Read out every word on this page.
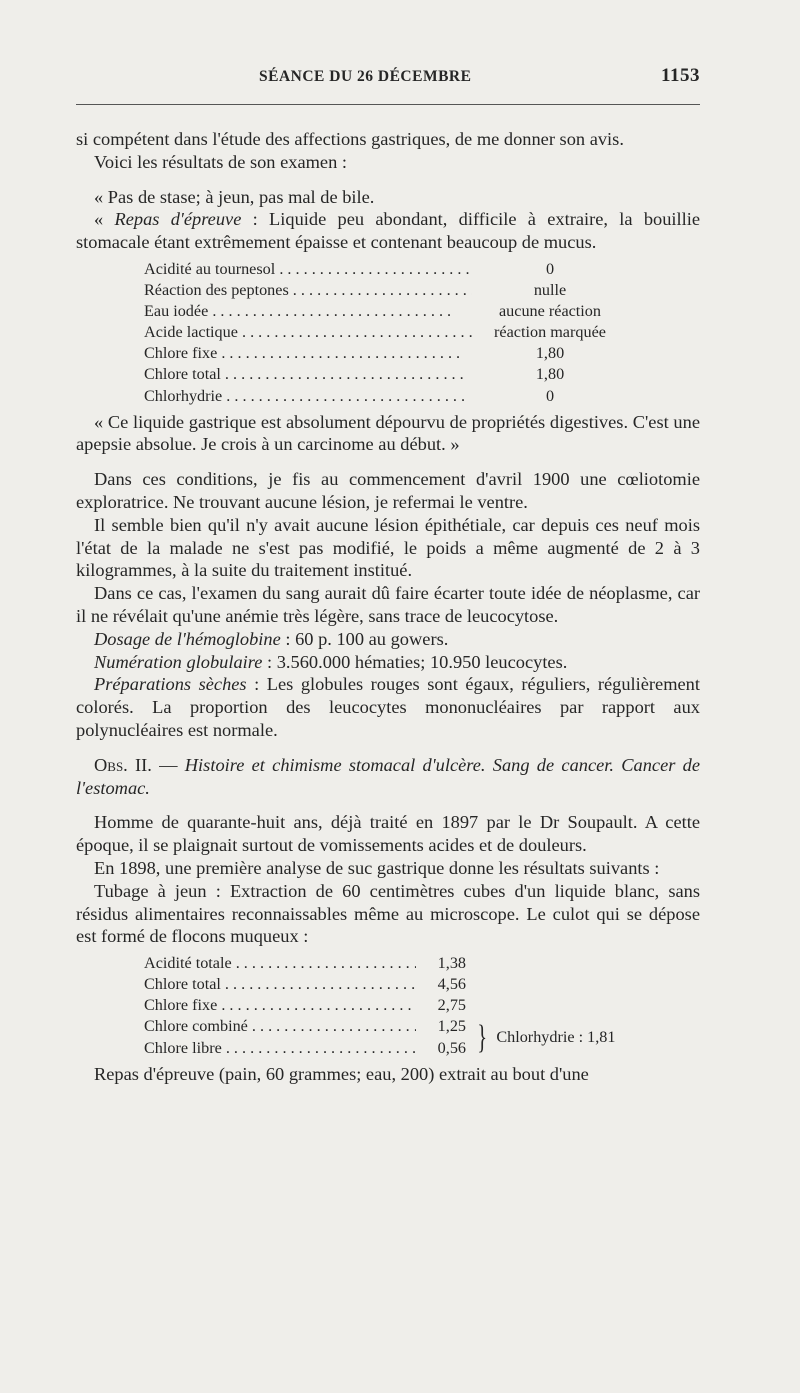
SÉANCE DU 26 DÉCEMBRE	1153

si compétent dans l'étude des affections gastriques, de me donner son avis.

Voici les résultats de son examen :

« Pas de stase; à jeun, pas mal de bile.

« Repas d'épreuve : Liquide peu abondant, difficile à extraire, la bouillie stomacale étant extrêmement épaisse et contenant beaucoup de mucus.

Acidité au tournesol . . .	0
Réaction des peptones . . .	nulle
Eau iodée . . .	aucune réaction
Acide lactique . . .	réaction marquée
Chlore fixe . . .	1,80
Chlore total . . .	1,80
Chlorhydrie . . .	0

« Ce liquide gastrique est absolument dépourvu de propriétés digestives. C'est une apepsie absolue. Je crois à un carcinome au début. »

Dans ces conditions, je fis au commencement d'avril 1900 une cœliotomie exploratrice. Ne trouvant aucune lésion, je refermai le ventre.

Il semble bien qu'il n'y avait aucune lésion épithétiale, car depuis ces neuf mois l'état de la malade ne s'est pas modifié, le poids a même augmenté de 2 à 3 kilogrammes, à la suite du traitement institué.

Dans ce cas, l'examen du sang aurait dû faire écarter toute idée de néoplasme, car il ne révélait qu'une anémie très légère, sans trace de leucocytose.

Dosage de l'hémoglobine : 60 p. 100 au gowers.

Numération globulaire : 3.560.000 hématies; 10.950 leucocytes.

Préparations sèches : Les globules rouges sont égaux, réguliers, régulièrement colorés. La proportion des leucocytes mononucléaires par rapport aux polynucléaires est normale.

Obs. II. — Histoire et chimisme stomacal d'ulcère. Sang de cancer. Cancer de l'estomac.

Homme de quarante-huit ans, déjà traité en 1897 par le Dr Soupault. A cette époque, il se plaignait surtout de vomissements acides et de douleurs.

En 1898, une première analyse de suc gastrique donne les résultats suivants :

Tubage à jeun : Extraction de 60 centimètres cubes d'un liquide blanc, sans résidus alimentaires reconnaissables même au microscope. Le culot qui se dépose est formé de flocons muqueux :

Acidité totale . . .	1,38
Chlore total . . .	4,56
Chlore fixe . . .	2,75
Chlore combiné . . .	1,25
Chlore libre . . .	0,56 } Chlorhydrie : 1,81

Repas d'épreuve (pain, 60 grammes; eau, 200) extrait au bout d'une
